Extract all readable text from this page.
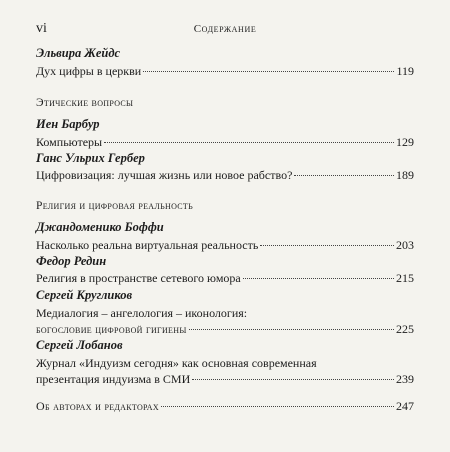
vi	Содержание
Эльвира Жейдс
Дух цифры в церкви	119
Этические вопросы
Иен Барбур
Компьютеры	129
Ганс Ульрих Гербер
Цифровизация: лучшая жизнь или новое рабство?	189
Религия и цифровая реальность
Джандоменико Боффи
Насколько реальна виртуальная реальность	203
Федор Редин
Религия в пространстве сетевого юмора	215
Сергей Кругликов
Медиалогия – ангелология – иконология:
богословие цифровой гигиены	225
Сергей Лобанов
Журнал «Индуизм сегодня» как основная современная
презентация индуизма в СМИ	239
Об авторах и редакторах	247
